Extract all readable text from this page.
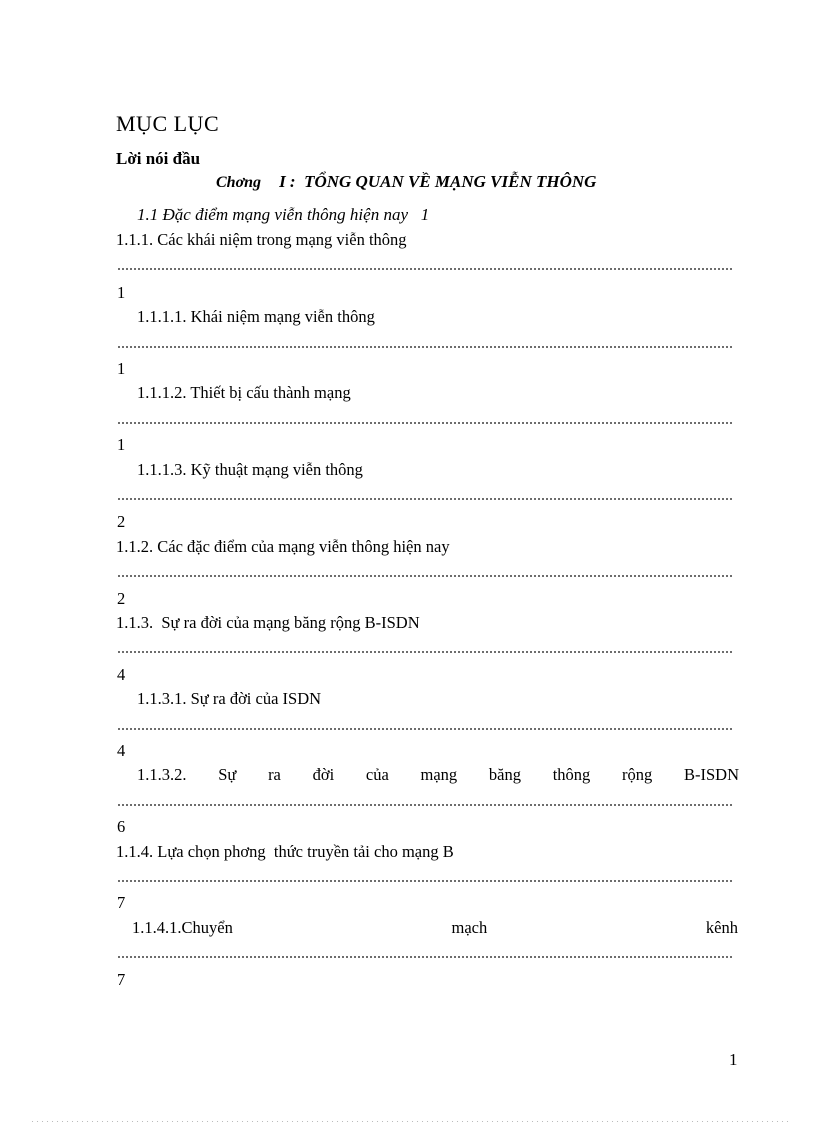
MỤC LỤC
Lời nói đầu
Chơng I :  TỔNG QUAN VỀ MẠNG VIỄN THÔNG
1.1 Đặc điểm mạng viễn thông hiện nay   1
1.1.1. Các khái niệm trong mạng viễn thông
1
1.1.1.1. Khái niệm mạng viễn thông
1
1.1.1.2. Thiết bị cấu thành mạng
1
1.1.1.3. Kỹ thuật mạng viễn thông
2
1.1.2. Các đặc điểm của mạng viễn thông hiện nay
2
1.1.3.  Sự ra đời của mạng băng rộng B-ISDN
4
1.1.3.1. Sự ra đời của ISDN
4
1.1.3.2. Sự ra đời của mạng băng thông rộng B-ISDN
6
1.1.4. Lựa chọn phơng  thức truyền tải cho mạng B
7
1.1.4.1.Chuyển	mạch	kênh
7
1
